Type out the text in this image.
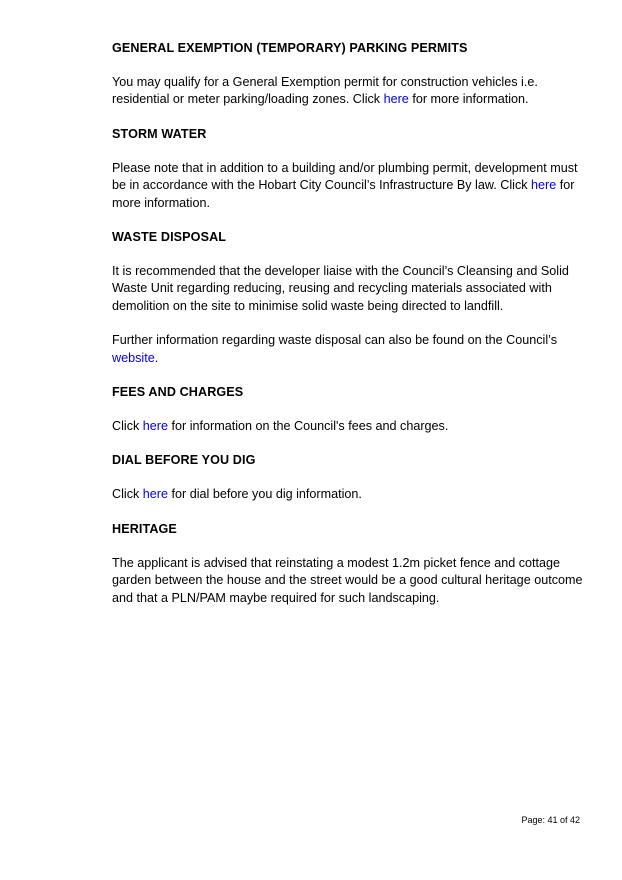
GENERAL EXEMPTION (TEMPORARY) PARKING PERMITS

You may qualify for a General Exemption permit for construction vehicles i.e. residential or meter parking/loading zones. Click here for more information.

STORM WATER

Please note that in addition to a building and/or plumbing permit, development must be in accordance with the Hobart City Council’s Infrastructure By law. Click here for more information.

WASTE DISPOSAL

It is recommended that the developer liaise with the Council’s Cleansing and Solid Waste Unit regarding reducing, reusing and recycling materials associated with demolition on the site to minimise solid waste being directed to landfill.

Further information regarding waste disposal can also be found on the Council’s website.

FEES AND CHARGES

Click here for information on the Council's fees and charges.

DIAL BEFORE YOU DIG

Click here for dial before you dig information.

HERITAGE

The applicant is advised that reinstating a modest 1.2m picket fence and cottage garden between the house and the street would be a good cultural heritage outcome and that a PLN/PAM maybe required for such landscaping.

Page: 41 of 42
